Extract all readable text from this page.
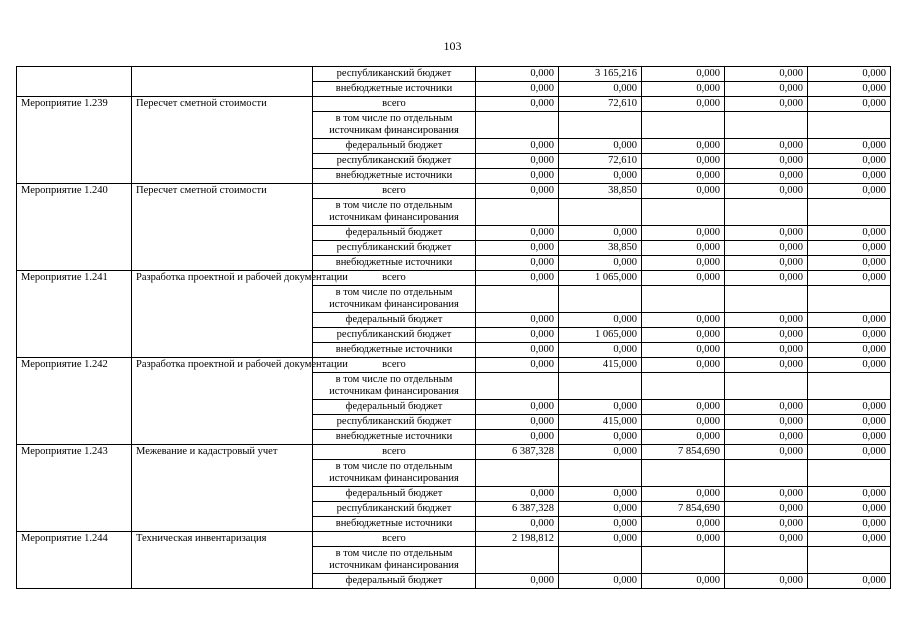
103
		республиканский бюджет	0,000	3 165,216	0,000	0,000	0,000
		внебюджетные источники	0,000	0,000	0,000	0,000	0,000
Мероприятие 1.239	Пересчет сметной стоимости	всего	0,000	72,610	0,000	0,000	0,000
		в том числе по отдельным источникам финансирования					
		федеральный бюджет	0,000	0,000	0,000	0,000	0,000
		республиканский бюджет	0,000	72,610	0,000	0,000	0,000
		внебюджетные источники	0,000	0,000	0,000	0,000	0,000
Мероприятие 1.240	Пересчет сметной стоимости	всего	0,000	38,850	0,000	0,000	0,000
		в том числе по отдельным источникам финансирования					
		федеральный бюджет	0,000	0,000	0,000	0,000	0,000
		республиканский бюджет	0,000	38,850	0,000	0,000	0,000
		внебюджетные источники	0,000	0,000	0,000	0,000	0,000
Мероприятие 1.241	Разработка проектной и рабочей документации	всего	0,000	1 065,000	0,000	0,000	0,000
		в том числе по отдельным источникам финансирования					
		федеральный бюджет	0,000	0,000	0,000	0,000	0,000
		республиканский бюджет	0,000	1 065,000	0,000	0,000	0,000
		внебюджетные источники	0,000	0,000	0,000	0,000	0,000
Мероприятие 1.242	Разработка проектной и рабочей документации	всего	0,000	415,000	0,000	0,000	0,000
		в том числе по отдельным источникам финансирования					
		федеральный бюджет	0,000	0,000	0,000	0,000	0,000
		республиканский бюджет	0,000	415,000	0,000	0,000	0,000
		внебюджетные источники	0,000	0,000	0,000	0,000	0,000
Мероприятие 1.243	Межевание и кадастровый учет	всего	6 387,328	0,000	7 854,690	0,000	0,000
		в том числе по отдельным источникам финансирования					
		федеральный бюджет	0,000	0,000	0,000	0,000	0,000
		республиканский бюджет	6 387,328	0,000	7 854,690	0,000	0,000
		внебюджетные источники	0,000	0,000	0,000	0,000	0,000
Мероприятие 1.244	Техническая инвентаризация	всего	2 198,812	0,000	0,000	0,000	0,000
		в том числе по отдельным источникам финансирования					
		федеральный бюджет	0,000	0,000	0,000	0,000	0,000
